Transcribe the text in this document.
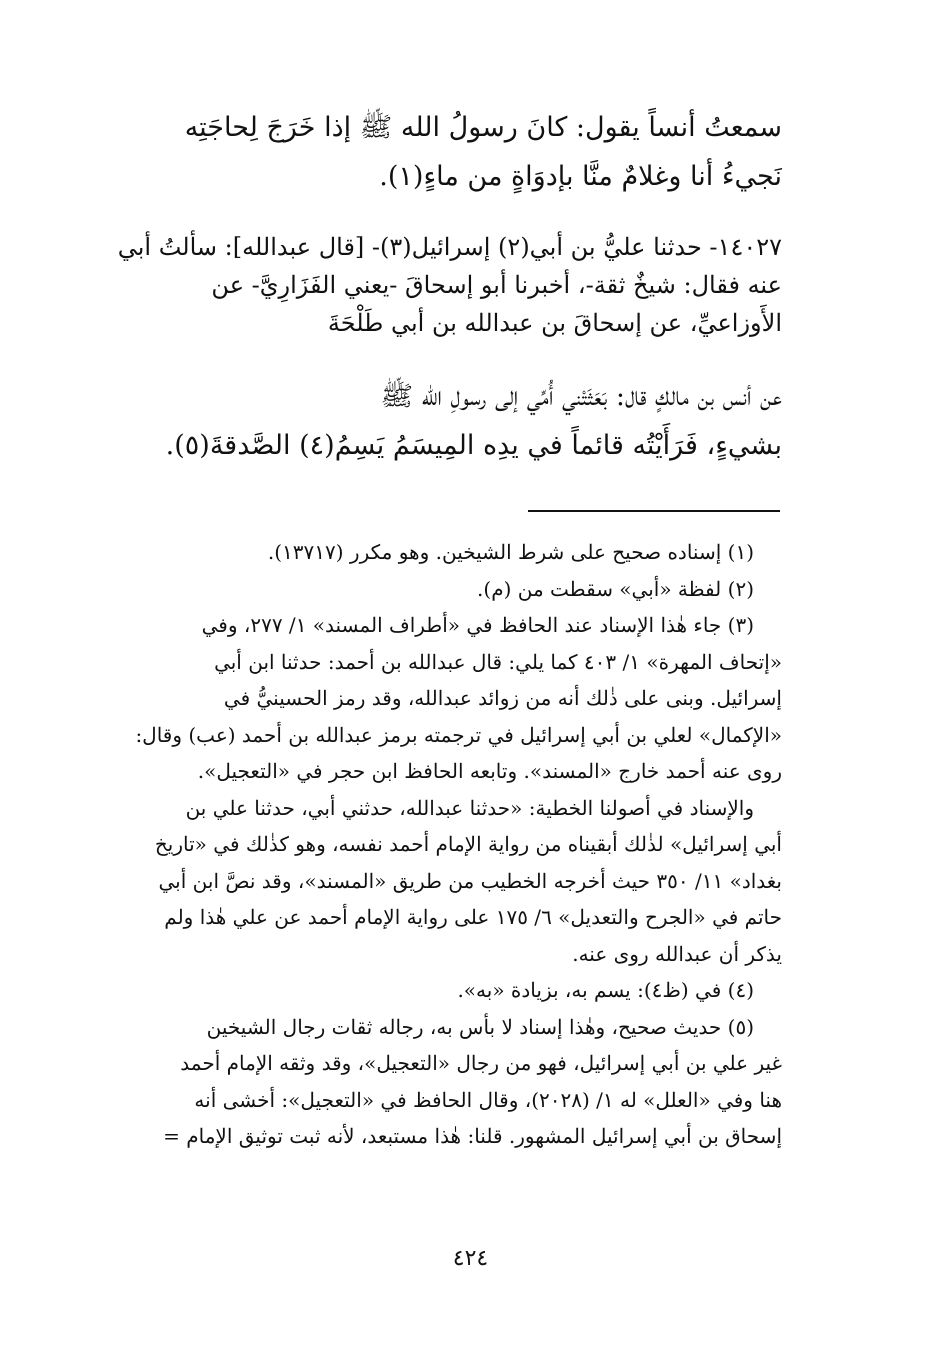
سمعتُ أنساً يقول: كانَ رسولُ الله ﷺ إذا خَرَجَ لِحاجَتِه
نَجيءُ أنا وغلامٌ منَّا بإدوَاةٍ من ماءٍ(١).
١٤٠٢٧- حدثنا عليُّ بن أبي(٢) إسرائيل(٣)- [قال عبدالله]: سألتُ أبي
عنه فقال: شيخٌ ثقة-، أخبرنا أبو إسحاقَ -يعني الفَزَارِيَّ- عن
الأَوزاعيِّ، عن إسحاقَ بن عبدالله بن أبي طَلْحَةَ
عن أنس بن مالكٍ قال: بَعَثَتْني أُمِّي إلى رسولِ الله ﷺ
بشيءٍ، فَرَأَيْتُه قائماً في يدِه المِيسَمُ يَسِمُ(٤) الصَّدقةَ(٥).
(١) إسناده صحيح على شرط الشيخين. وهو مكرر (١٣٧١٧).
(٢) لفظة «أبي» سقطت من (م).
(٣) جاء هٰذا الإسناد عند الحافظ في «أطراف المسند» ١/ ٢٧٧، وفي
«إتحاف المهرة» ١/ ٤٠٣ كما يلي: قال عبدالله بن أحمد: حدثنا ابن أبي
إسرائيل. وبنى على ذٰلك أنه من زوائد عبدالله، وقد رمز الحسينيُّ في
«الإكمال» لعلي بن أبي إسرائيل في ترجمته برمز عبدالله بن أحمد (عب) وقال:
روى عنه أحمد خارج «المسند». وتابعه الحافظ ابن حجر في «التعجيل».
والإسناد في أصولنا الخطية: «حدثنا عبدالله، حدثني أبي، حدثنا علي بن
أبي إسرائيل» لذٰلك أبقيناه من رواية الإمام أحمد نفسه، وهو كذٰلك في «تاريخ
بغداد» ١١/ ٣٥٠ حيث أخرجه الخطيب من طريق «المسند»، وقد نصَّ ابن أبي
حاتم في «الجرح والتعديل» ٦/ ١٧٥ على رواية الإمام أحمد عن علي هٰذا ولم
يذكر أن عبدالله روى عنه.
(٤) في (ظ٤): يسم به، بزيادة «به».
(٥) حديث صحيح، وهٰذا إسناد لا بأس به، رجاله ثقات رجال الشيخين
غير علي بن أبي إسرائيل، فهو من رجال «التعجيل»، وقد وثقه الإمام أحمد
هنا وفي «العلل» له ١/ (٢٠٢٨)، وقال الحافظ في «التعجيل»: أخشى أنه
إسحاق بن أبي إسرائيل المشهور. قلنا: هٰذا مستبعد، لأنه ثبت توثيق الإمام =
٤٢٤
